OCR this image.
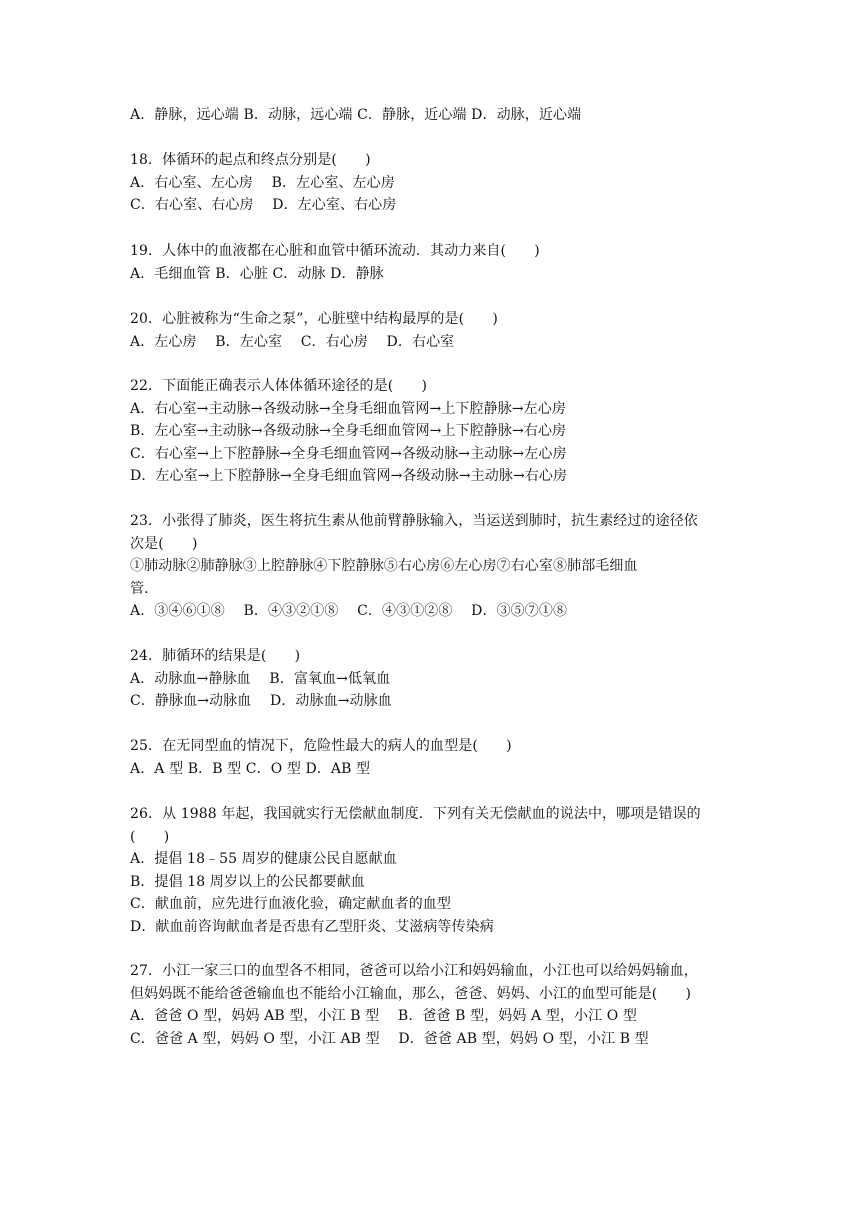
A．静脉，远心端 B．动脉，远心端 C．静脉，近心端 D．动脉，近心端
18．体循环的起点和终点分别是(　　)
A．右心室、左心房　 B．左心室、左心房
C．右心室、右心房　 D．左心室、右心房
19．人体中的血液都在心脏和血管中循环流动．其动力来自(　　)
A．毛细血管 B．心脏 C．动脉 D．静脉
20．心脏被称为“生命之泵”，心脏壁中结构最厚的是(　　)
A．左心房　 B．左心室　 C．右心房　 D．右心室
22．下面能正确表示人体体循环途径的是(　　)
A．右心室→主动脉→各级动脉→全身毛细血管网→上下腔静脉→左心房
B．左心室→主动脉→各级动脉→全身毛细血管网→上下腔静脉→右心房
C．右心室→上下腔静脉→全身毛细血管网→各级动脉→主动脉→左心房
D．左心室→上下腔静脉→全身毛细血管网→各级动脉→主动脉→右心房
23．小张得了肺炎，医生将抗生素从他前臂静脉输入，当运送到肺时，抗生素经过的途径依
次是(　　)
①肺动脉②肺静脉③上腔静脉④下腔静脉⑤右心房⑥左心房⑦右心室⑧肺部毛细血
管．
A．③④⑥①⑧　 B．④③②①⑧　 C．④③①②⑧　 D．③⑤⑦①⑧
24．肺循环的结果是(　　)
A．动脉血→静脉血　 B．富氧血→低氧血
C．静脉血→动脉血　 D．动脉血→动脉血
25．在无同型血的情况下，危险性最大的病人的血型是(　　)
A．A 型 B．B 型 C．O 型 D．AB 型
26．从 1988 年起，我国就实行无偿献血制度．下列有关无偿献血的说法中，哪项是错误的
(　　)
A．提倡 18﹣55 周岁的健康公民自愿献血
B．提倡 18 周岁以上的公民都要献血
C．献血前，应先进行血液化验，确定献血者的血型
D．献血前咨询献血者是否患有乙型肝炎、艾滋病等传染病
27．小江一家三口的血型各不相同，爸爸可以给小江和妈妈输血，小江也可以给妈妈输血，
但妈妈既不能给爸爸输血也不能给小江输血，那么，爸爸、妈妈、小江的血型可能是(　　)
A．爸爸 O 型，妈妈 AB 型，小江 B 型　 B．爸爸 B 型，妈妈 A 型，小江 O 型
C．爸爸 A 型，妈妈 O 型，小江 AB 型　 D．爸爸 AB 型，妈妈 O 型，小江 B 型
